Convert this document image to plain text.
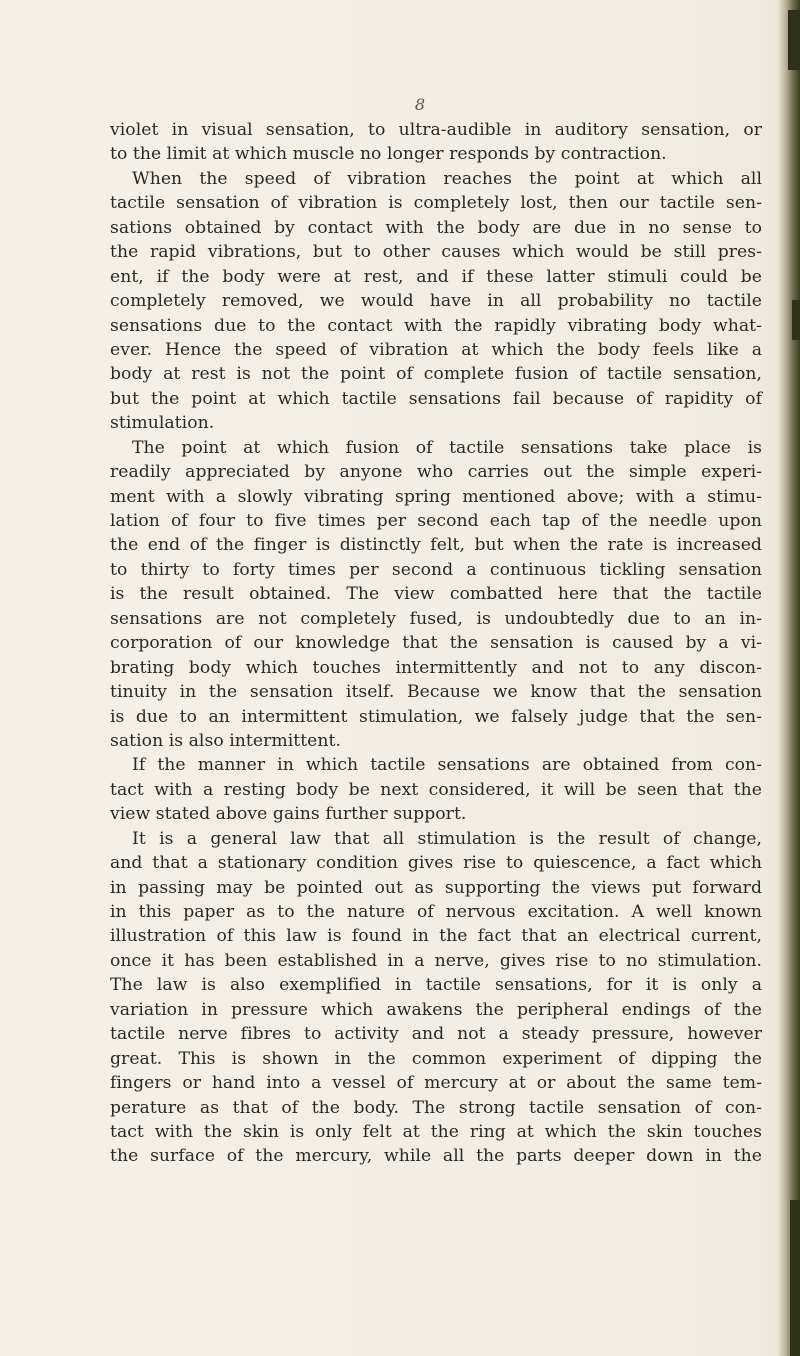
8
violet in visual sensation, to ultra-audible in auditory sensation, or
to the limit at which muscle no longer responds by contraction.
When the speed of vibration reaches the point at which all
tactile sensation of vibration is completely lost, then our tactile sen-
sations obtained by contact with the body are due in no sense to
the rapid vibrations, but to other causes which would be still pres-
ent, if the body were at rest, and if these latter stimuli could be
completely removed, we would have in all probability no tactile
sensations due to the contact with the rapidly vibrating body what-
ever. Hence the speed of vibration at which the body feels like a
body at rest is not the point of complete fusion of tactile sensation,
but the point at which tactile sensations fail because of rapidity of
stimulation.
The point at which fusion of tactile sensations take place is
readily appreciated by anyone who carries out the simple experi-
ment with a slowly vibrating spring mentioned above; with a stimu-
lation of four to five times per second each tap of the needle upon
the end of the finger is distinctly felt, but when the rate is increased
to thirty to forty times per second a continuous tickling sensation
is the result obtained. The view combatted here that the tactile
sensations are not completely fused, is undoubtedly due to an in-
corporation of our knowledge that the sensation is caused by a vi-
brating body which touches intermittently and not to any discon-
tinuity in the sensation itself. Because we know that the sensation
is due to an intermittent stimulation, we falsely judge that the sen-
sation is also intermittent.
If the manner in which tactile sensations are obtained from con-
tact with a resting body be next considered, it will be seen that the
view stated above gains further support.
It is a general law that all stimulation is the result of change,
and that a stationary condition gives rise to quiescence, a fact which
in passing may be pointed out as supporting the views put forward
in this paper as to the nature of nervous excitation. A well known
illustration of this law is found in the fact that an electrical current,
once it has been established in a nerve, gives rise to no stimulation.
The law is also exemplified in tactile sensations, for it is only a
variation in pressure which awakens the peripheral endings of the
tactile nerve fibres to activity and not a steady pressure, however
great. This is shown in the common experiment of dipping the
fingers or hand into a vessel of mercury at or about the same tem-
perature as that of the body. The strong tactile sensation of con-
tact with the skin is only felt at the ring at which the skin touches
the surface of the mercury, while all the parts deeper down in the
